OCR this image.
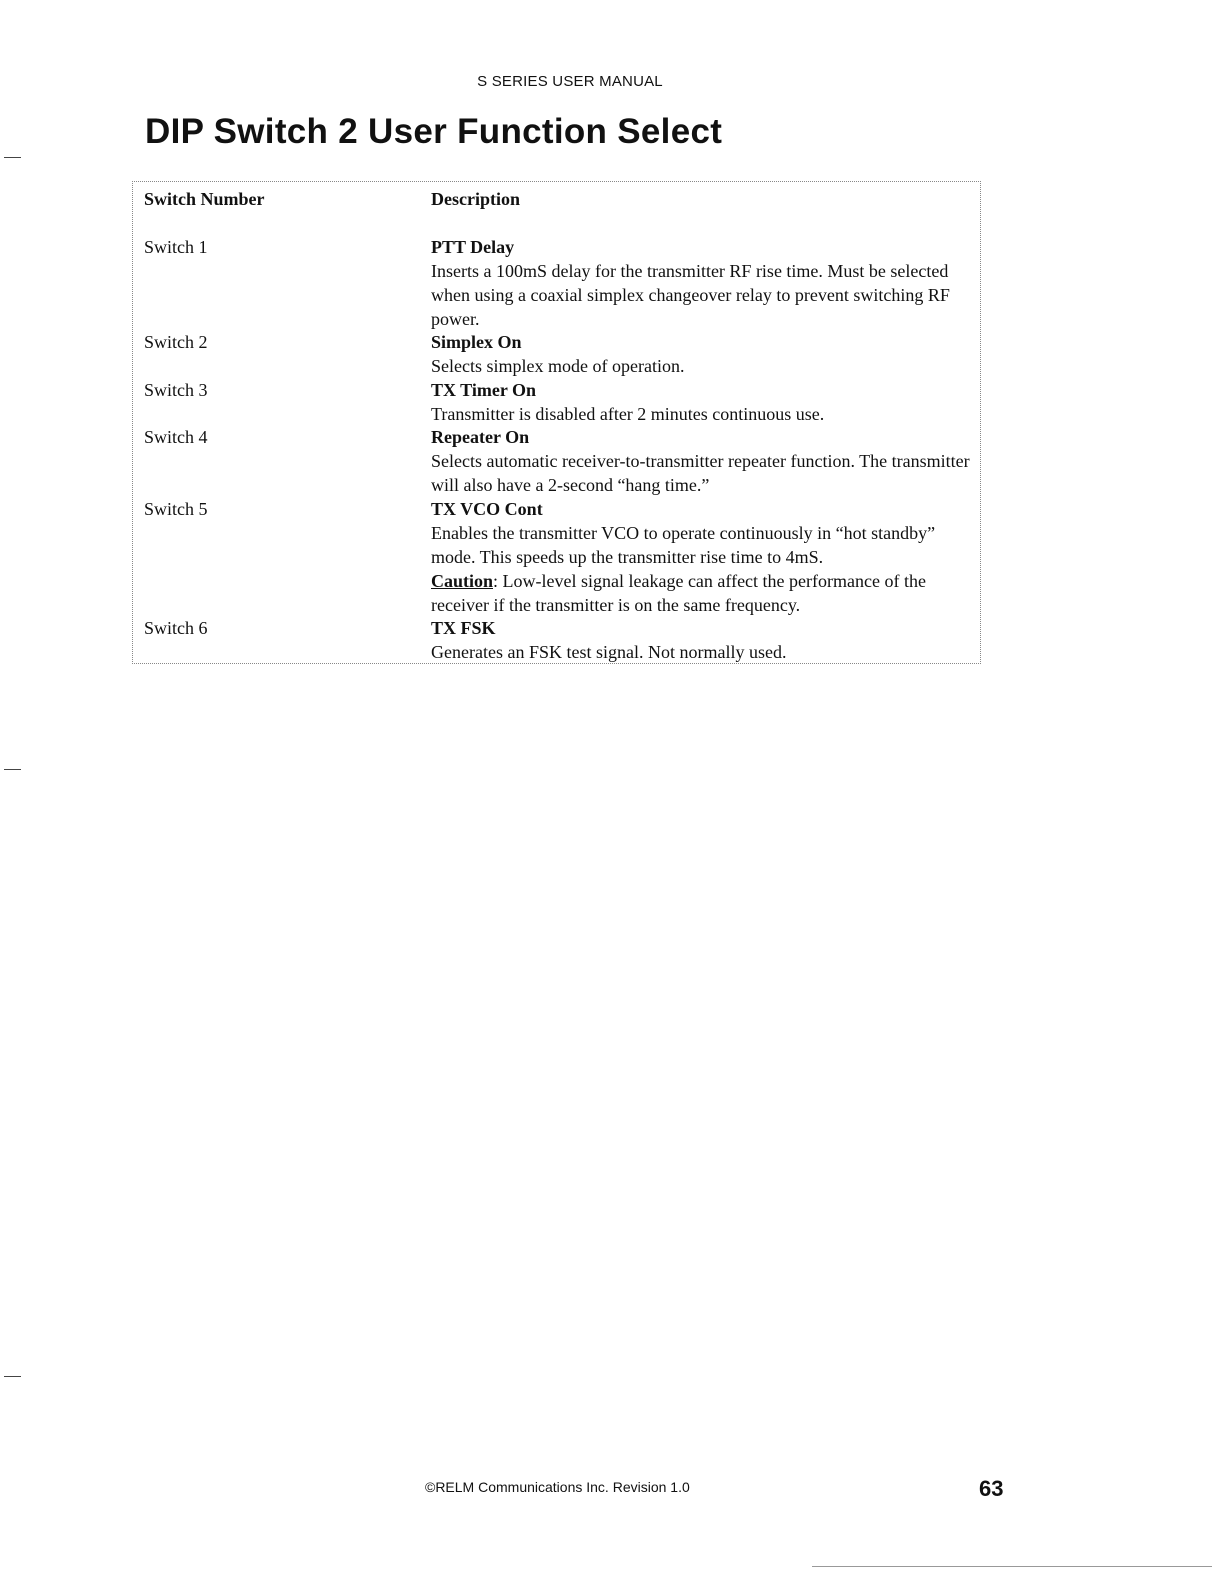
S SERIES USER MANUAL
DIP Switch 2 User Function Select
Switch Number	Description
Switch 1	PTT Delay
Inserts a 100mS delay for the transmitter RF rise time. Must be selected when using a coaxial simplex changeover relay to prevent switching RF power.
Switch 2	Simplex On
Selects simplex mode of operation.
Switch 3	TX Timer On
Transmitter is disabled after 2 minutes continuous use.
Switch 4	Repeater On
Selects automatic receiver-to-transmitter repeater function. The transmitter will also have a 2-second “hang time.”
Switch 5	TX VCO Cont
Enables the transmitter VCO to operate continuously in “hot standby” mode. This speeds up the transmitter rise time to 4mS.
Caution: Low-level signal leakage can affect the performance of the receiver if the transmitter is on the same frequency.
Switch 6	TX FSK
Generates an FSK test signal. Not normally used.
©RELM Communications Inc. Revision 1.0	63
